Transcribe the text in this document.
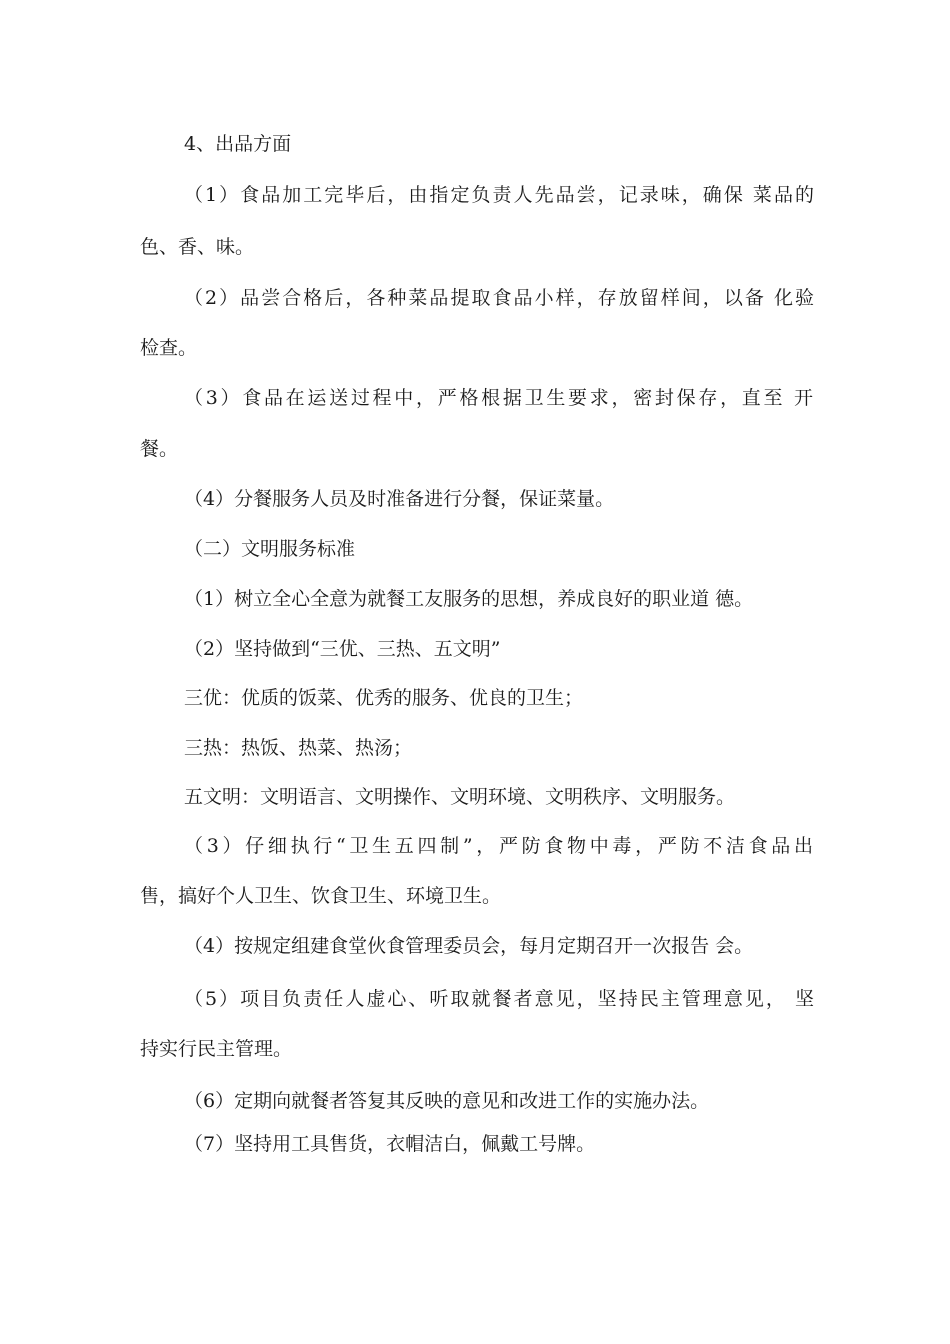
4、出品方面

（1）食品加工完毕后，由指定负责人先品尝，记录味，确保 菜品的

色、香、味。

（2）品尝合格后，各种菜品提取食品小样，存放留样间，以备 化验

检查。

（3）食品在运送过程中，严格根据卫生要求，密封保存，直至 开

餐。

（4）分餐服务人员及时准备进行分餐，保证菜量。

（二）文明服务标准

（1）树立全心全意为就餐工友服务的思想，养成良好的职业道 德。

（2）坚持做到“三优、三热、五文明”

三优：优质的饭菜、优秀的服务、优良的卫生；

三热：热饭、热菜、热汤；

五文明：文明语言、文明操作、文明环境、文明秩序、文明服务。

（3）仔细执行“卫生五四制”，严防食物中毒，严防不洁食品出

售，搞好个人卫生、饮食卫生、环境卫生。

（4）按规定组建食堂伙食管理委员会，每月定期召开一次报告 会。

（5）项目负责任人虚心、听取就餐者意见，坚持民主管理意见， 坚

持实行民主管理。

（6）定期向就餐者答复其反映的意见和改进工作的实施办法。

（7）坚持用工具售货，衣帽洁白，佩戴工号牌。
